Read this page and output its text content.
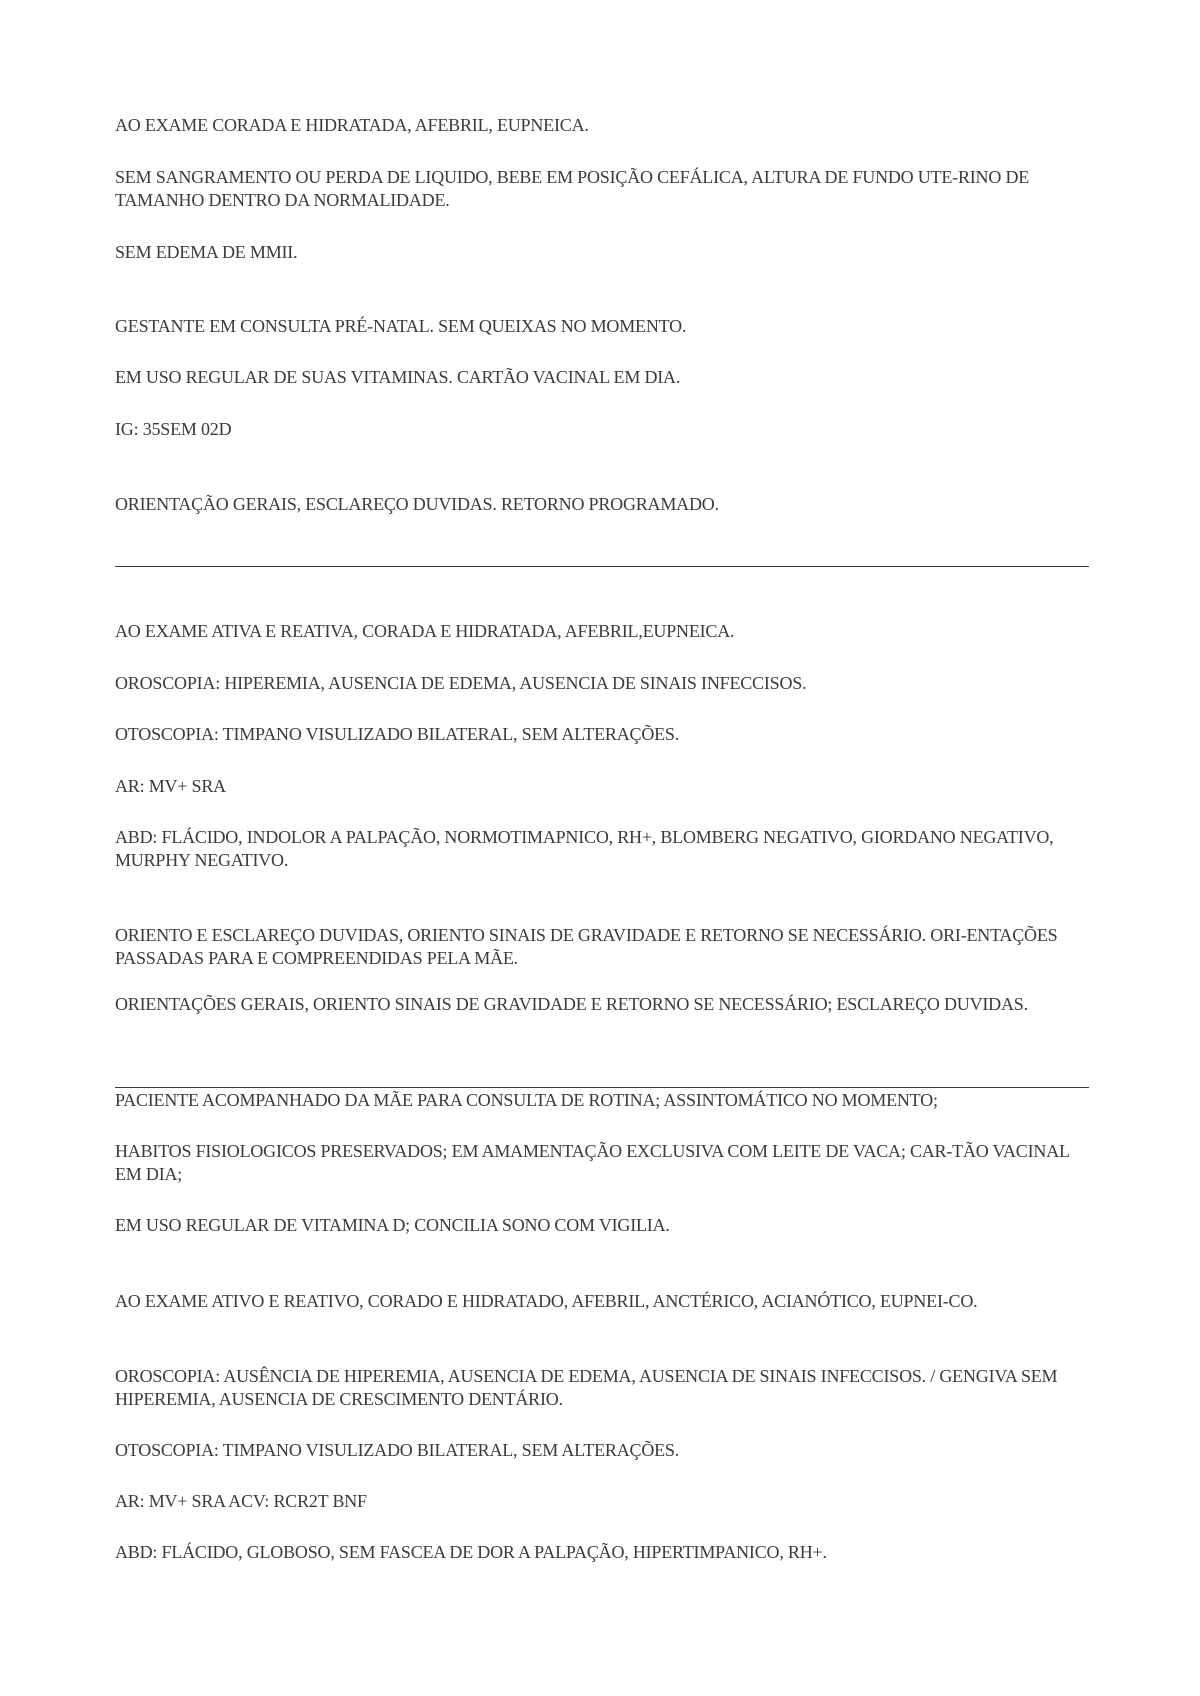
AO EXAME CORADA E HIDRATADA, AFEBRIL, EUPNEICA.

SEM SANGRAMENTO OU PERDA DE LIQUIDO, BEBE EM POSIÇÃO CEFÁLICA, ALTURA DE FUNDO UTE-RINO DE TAMANHO DENTRO DA NORMALIDADE.

SEM EDEMA DE MMII.

GESTANTE EM CONSULTA PRÉ-NATAL. SEM QUEIXAS NO MOMENTO.

EM USO REGULAR DE SUAS VITAMINAS. CARTÃO VACINAL EM DIA.

IG: 35SEM 02D

ORIENTAÇÃO GERAIS, ESCLAREÇO DUVIDAS. RETORNO PROGRAMADO.

AO EXAME ATIVA E REATIVA, CORADA E HIDRATADA, AFEBRIL,EUPNEICA.

OROSCOPIA: HIPEREMIA, AUSENCIA DE EDEMA, AUSENCIA DE SINAIS INFECCISOS.

OTOSCOPIA: TIMPANO VISULIZADO BILATERAL, SEM ALTERAÇÕES.

AR: MV+ SRA

ABD: FLÁCIDO, INDOLOR A PALPAÇÃO, NORMOTIMAPNICO, RH+, BLOMBERG NEGATIVO, GIORDANO NEGATIVO, MURPHY NEGATIVO.

ORIENTO E ESCLAREÇO DUVIDAS, ORIENTO SINAIS DE GRAVIDADE E RETORNO SE NECESSÁRIO. ORI-ENTAÇÕES PASSADAS PARA E COMPREENDIDAS PELA MÃE.

ORIENTAÇÕES GERAIS, ORIENTO SINAIS DE GRAVIDADE E RETORNO SE NECESSÁRIO; ESCLAREÇO DUVIDAS.

PACIENTE ACOMPANHADO DA MÃE PARA CONSULTA DE ROTINA; ASSINTOMÁTICO NO MOMENTO;

HABITOS FISIOLOGICOS PRESERVADOS; EM AMAMENTAÇÃO EXCLUSIVA COM LEITE DE VACA; CAR-TÃO VACINAL EM DIA;

EM USO REGULAR DE VITAMINA D; CONCILIA SONO COM VIGILIA.

AO EXAME ATIVO E REATIVO, CORADO E HIDRATADO, AFEBRIL, ANCTÉRICO, ACIANÓTICO, EUPNEI-CO.

OROSCOPIA: AUSÊNCIA DE HIPEREMIA, AUSENCIA DE EDEMA, AUSENCIA DE SINAIS INFECCISOS. / GENGIVA SEM HIPEREMIA, AUSENCIA DE CRESCIMENTO DENTÁRIO.

OTOSCOPIA: TIMPANO VISULIZADO BILATERAL, SEM ALTERAÇÕES.

AR: MV+ SRA ACV: RCR2T BNF

ABD: FLÁCIDO, GLOBOSO, SEM FASCEA DE DOR A PALPAÇÃO, HIPERTIMPANICO, RH+.
